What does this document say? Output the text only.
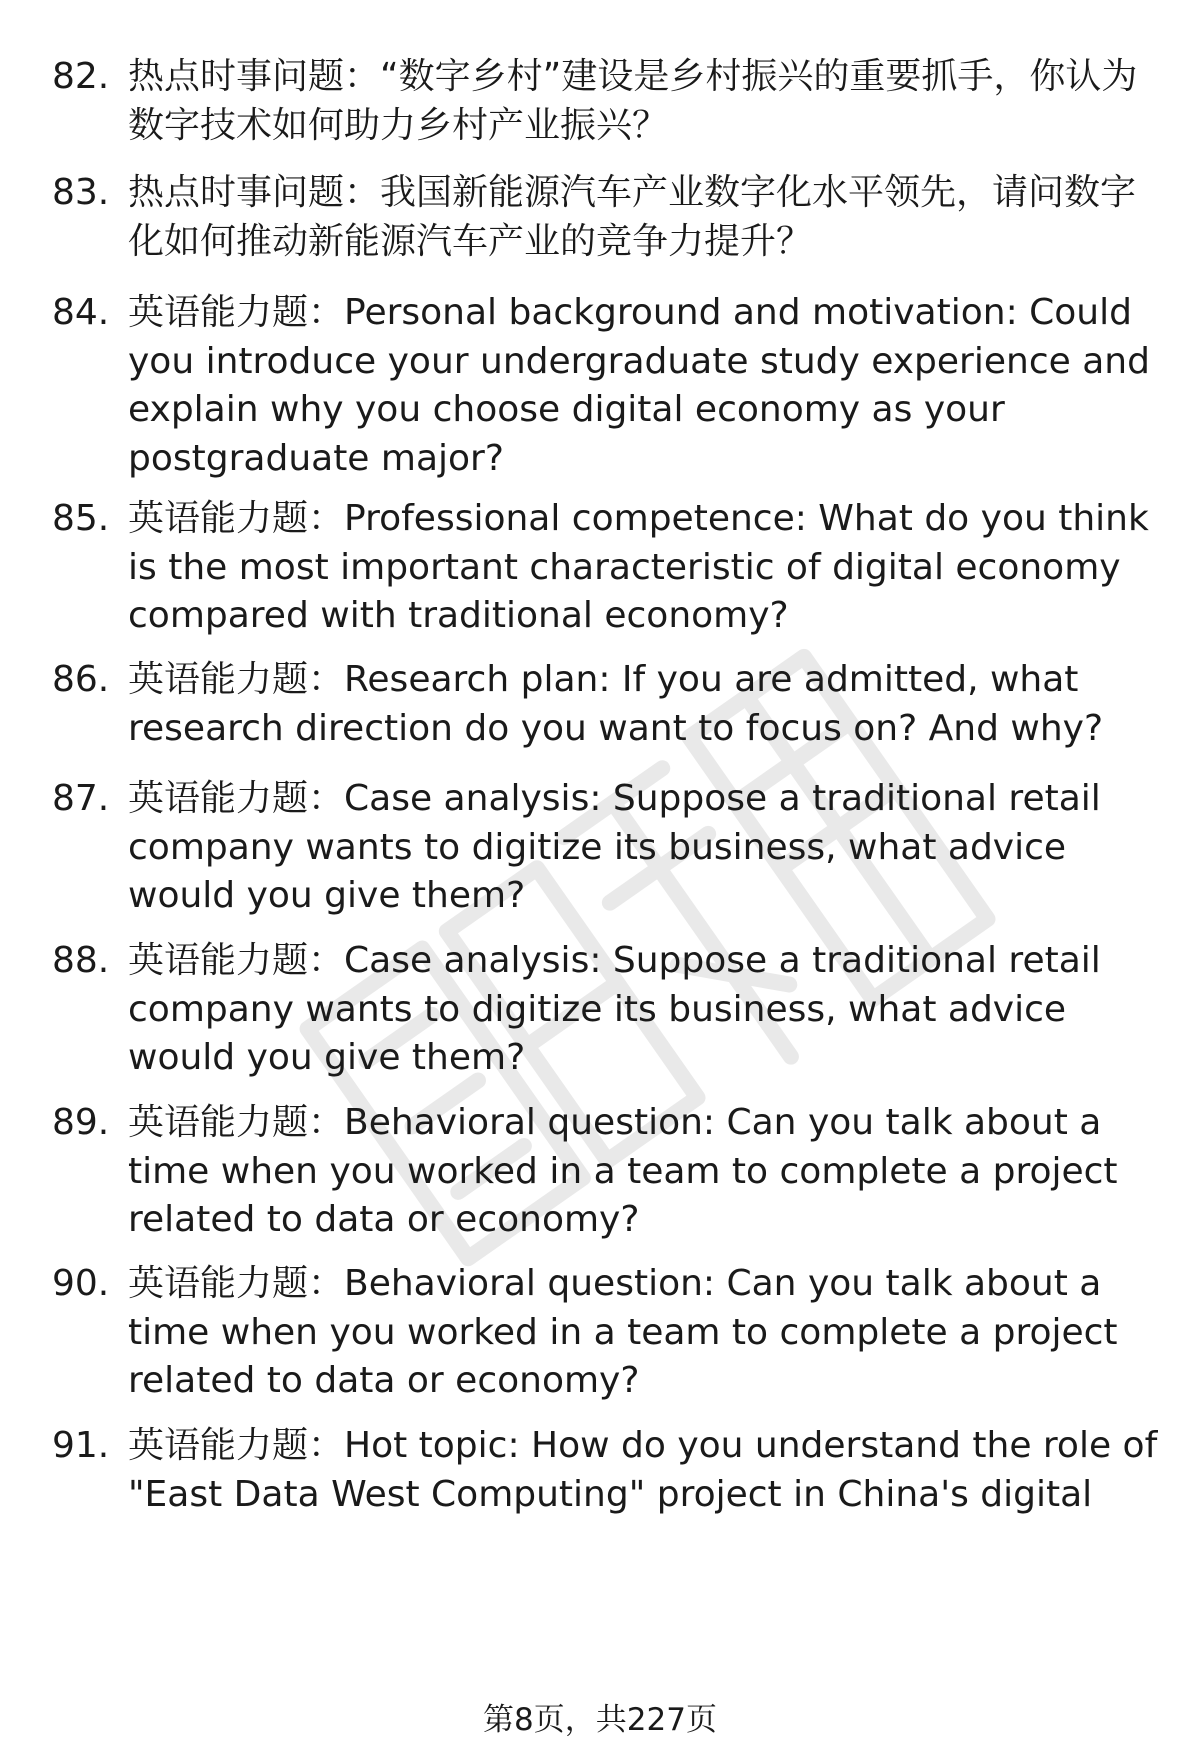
82. 热点时事问题：“数字乡村”建设是乡村振兴的重要抓手，你认为数字技术如何助力乡村产业振兴？
83. 热点时事问题：我国新能源汽车产业数字化水平领先，请问数字化如何推动新能源汽车产业的竞争力提升？
84. 英语能力题：Personal background and motivation: Could you introduce your undergraduate study experience and explain why you choose digital economy as your postgraduate major?
85. 英语能力题：Professional competence: What do you think is the most important characteristic of digital economy compared with traditional economy?
86. 英语能力题：Research plan: If you are admitted, what research direction do you want to focus on? And why?
87. 英语能力题：Case analysis: Suppose a traditional retail company wants to digitize its business, what advice would you give them?
88. 英语能力题：Case analysis: Suppose a traditional retail company wants to digitize its business, what advice would you give them?
89. 英语能力题：Behavioral question: Can you talk about a time when you worked in a team to complete a project related to data or economy?
90. 英语能力题：Behavioral question: Can you talk about a time when you worked in a team to complete a project related to data or economy?
91. 英语能力题：Hot topic: How do you understand the role of "East Data West Computing" project in China's digital
第8页，共227页
